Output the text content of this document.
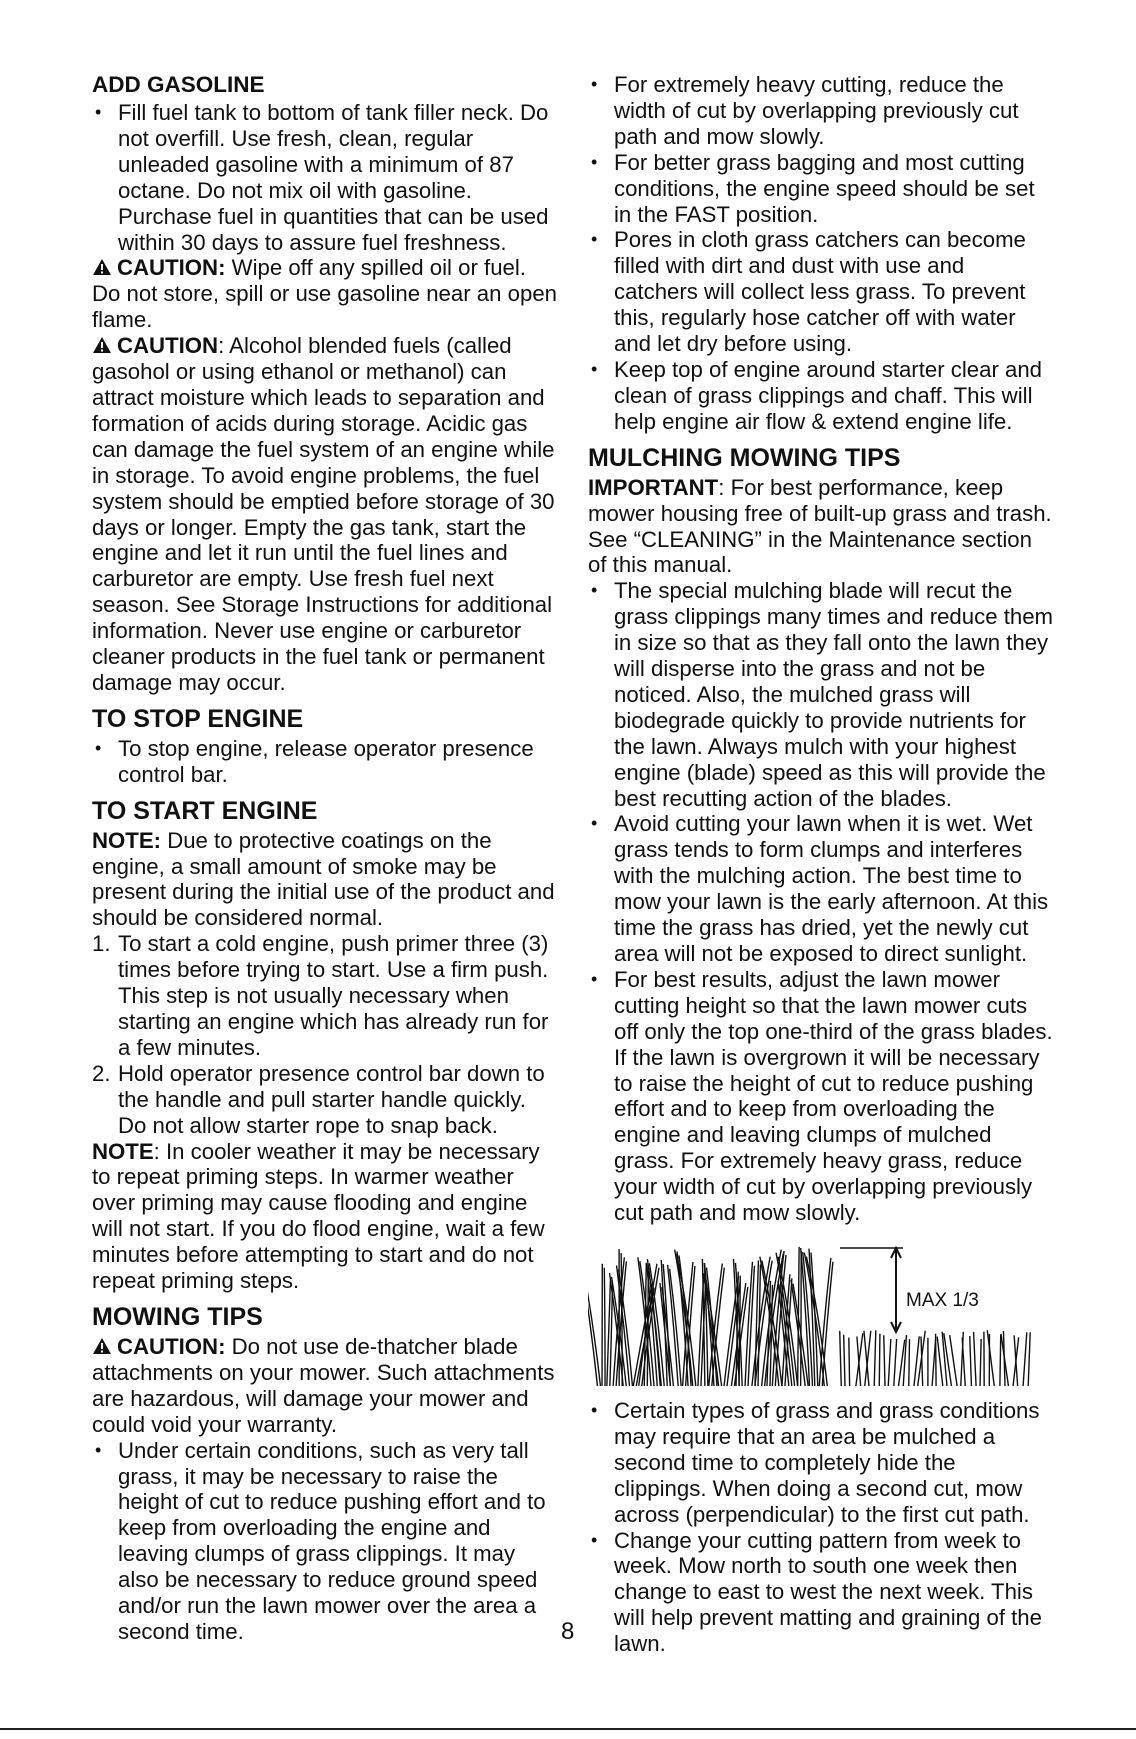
ADD GASOLINE

• Fill fuel tank to bottom of tank filler neck. Do not overfill. Use fresh, clean, regular unleaded gasoline with a minimum of 87 octane. Do not mix oil with gasoline. Purchase fuel in quantities that can be used within 30 days to assure fuel freshness.

CAUTION: Wipe off any spilled oil or fuel. Do not store, spill or use gasoline near an open flame.

CAUTION: Alcohol blended fuels (called gasohol or using ethanol or methanol) can attract moisture which leads to separation and formation of acids during storage. Acidic gas can damage the fuel system of an engine while in storage. To avoid engine problems, the fuel system should be emptied before storage of 30 days or longer. Empty the gas tank, start the engine and let it run until the fuel lines and carburetor are empty. Use fresh fuel next season. See Storage Instructions for additional information. Never use engine or carburetor cleaner products in the fuel tank or permanent damage may occur.

TO STOP ENGINE

• To stop engine, release operator presence control bar.

TO START ENGINE

NOTE: Due to protective coatings on the engine, a small amount of smoke may be present during the initial use of the product and should be considered normal.

1. To start a cold engine, push primer three (3) times before trying to start. Use a firm push. This step is not usually necessary when starting an engine which has already run for a few minutes.

2. Hold operator presence control bar down to the handle and pull starter handle quickly. Do not allow starter rope to snap back.

NOTE: In cooler weather it may be necessary to repeat priming steps. In warmer weather over priming may cause flooding and engine will not start. If you do flood engine, wait a few minutes before attempting to start and do not repeat priming steps.

MOWING TIPS

CAUTION: Do not use de-thatcher blade attachments on your mower. Such attachments are hazardous, will damage your mower and could void your warranty.

• Under certain conditions, such as very tall grass, it may be necessary to raise the height of cut to reduce pushing effort and to keep from overloading the engine and leaving clumps of grass clippings. It may also be necessary to reduce ground speed and/or run the lawn mower over the area a second time.

• For extremely heavy cutting, reduce the width of cut by overlapping previously cut path and mow slowly.

• For better grass bagging and most cutting conditions, the engine speed should be set in the FAST position.

• Pores in cloth grass catchers can become filled with dirt and dust with use and catchers will collect less grass. To prevent this, regularly hose catcher off with water and let dry before using.

• Keep top of engine around starter clear and clean of grass clippings and chaff. This will help engine air flow & extend engine life.

MULCHING MOWING TIPS

IMPORTANT: For best performance, keep mower housing free of built-up grass and trash. See “CLEANING” in the Maintenance section of this manual.

• The special mulching blade will recut the grass clippings many times and reduce them in size so that as they fall onto the lawn they will disperse into the grass and not be noticed. Also, the mulched grass will biodegrade quickly to provide nutrients for the lawn. Always mulch with your highest engine (blade) speed as this will provide the best recutting action of the blades.

• Avoid cutting your lawn when it is wet. Wet grass tends to form clumps and interferes with the mulching action. The best time to mow your lawn is the early afternoon. At this time the grass has dried, yet the newly cut area will not be exposed to direct sunlight.

• For best results, adjust the lawn mower cutting height so that the lawn mower cuts off only the top one-third of the grass blades. If the lawn is overgrown it will be necessary to raise the height of cut to reduce pushing effort and to keep from overloading the engine and leaving clumps of mulched grass. For extremely heavy grass, reduce your width of cut by overlapping previously cut path and mow slowly.

MAX 1/3

• Certain types of grass and grass conditions may require that an area be mulched a second time to completely hide the clippings. When doing a second cut, mow across (perpendicular) to the first cut path.

• Change your cutting pattern from week to week. Mow north to south one week then change to east to west the next week. This will help prevent matting and graining of the lawn.

8
